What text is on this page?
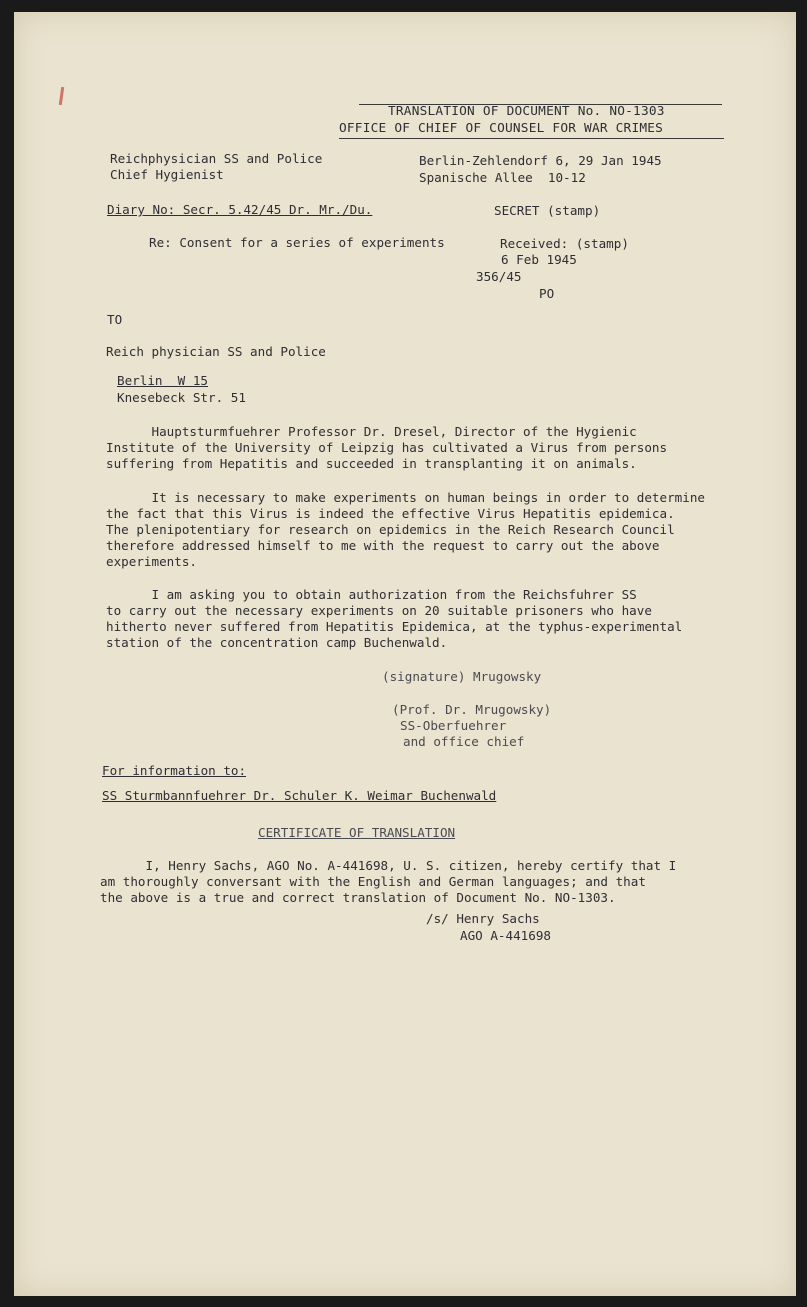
TRANSLATION OF DOCUMENT No. NO-1303
OFFICE OF CHIEF OF COUNSEL FOR WAR CRIMES
Reichphysician SS and Police
Chief Hygienist
Berlin-Zehlendorf 6, 29 Jan 1945
Spanische Allee  10-12
Diary No: Secr. 5.42/45 Dr. Mr./Du.	SECRET (stamp)
Re: Consent for a series of experiments	Received: (stamp)
6 Feb 1945
356/45
PO
TO
Reich physician SS and Police
Berlin  W 15
Knesebeck Str. 51
Hauptsturmfuehrer Professor Dr. Dresel, Director of the Hygienic
Institute of the University of Leipzig has cultivated a Virus from persons
suffering from Hepatitis and succeeded in transplanting it on animals.
It is necessary to make experiments on human beings in order to determine
the fact that this Virus is indeed the effective Virus Hepatitis epidemica.
The plenipotentiary for research on epidemics in the Reich Research Council
therefore addressed himself to me with the request to carry out the above
experiments.
I am asking you to obtain authorization from the Reichsfuhrer SS
to carry out the necessary experiments on 20 suitable prisoners who have
hitherto never suffered from Hepatitis Epidemica, at the typhus-experimental
station of the concentration camp Buchenwald.
(signature) Mrugowsky
(Prof. Dr. Mrugowsky)
SS-Oberfuehrer
and office chief
For information to:
SS Sturmbannfuehrer Dr. Schuler K. Weimar Buchenwald
CERTIFICATE OF TRANSLATION
I, Henry Sachs, AGO No. A-441698, U. S. citizen, hereby certify that I
am thoroughly conversant with the English and German languages; and that
the above is a true and correct translation of Document No. NO-1303.
/s/ Henry Sachs
AGO A-441698
